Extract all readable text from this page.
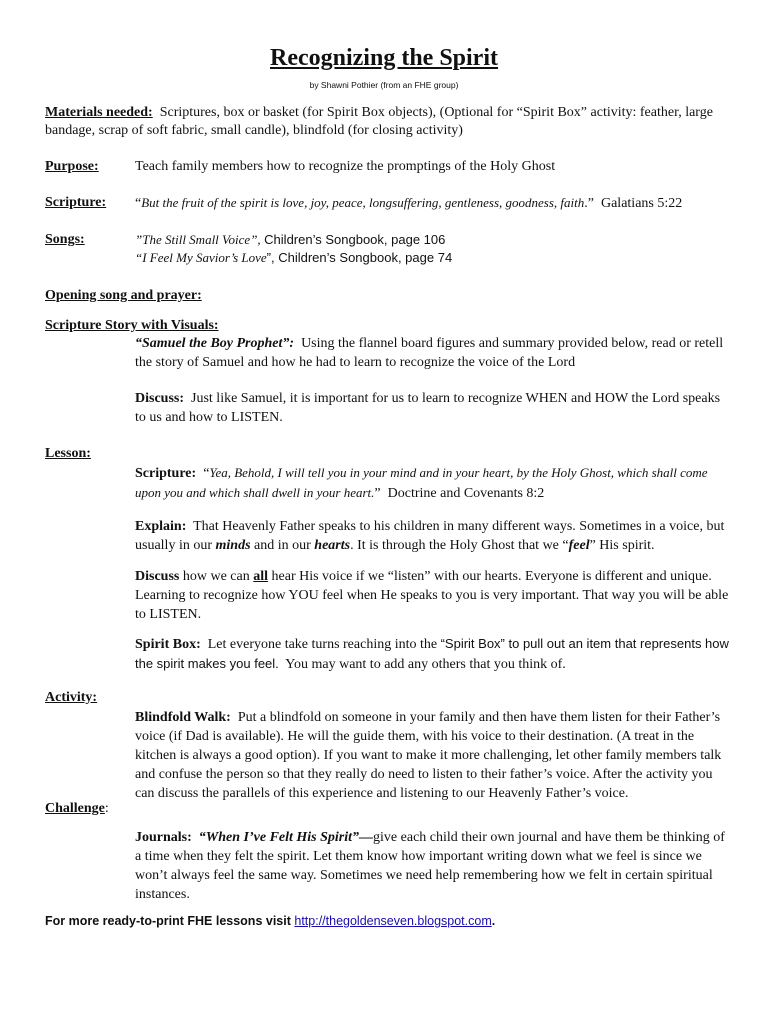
Recognizing the Spirit
by Shawni Pothier (from an FHE group)
Materials needed: Scriptures, box or basket (for Spirit Box objects), (Optional for “Spirit Box” activity: feather, large bandage, scrap of soft fabric, small candle), blindfold (for closing activity)
Purpose:	Teach family members how to recognize the promptings of the Holy Ghost
Scripture: “But the fruit of the spirit is love, joy, peace, longsuffering, gentleness, goodness, faith.” Galatians 5:22
Songs:	”The Still Small Voice”, Children’s Songbook, page 106
“I Feel My Savior’s Love”, Children’s Songbook, page 74
Opening song and prayer:
Scripture Story with Visuals:
“Samuel the Boy Prophet”: Using the flannel board figures and summary provided below, read or retell the story of Samuel and how he had to learn to recognize the voice of the Lord
Discuss: Just like Samuel, it is important for us to learn to recognize WHEN and HOW the Lord speaks to us and how to LISTEN.
Lesson:
Scripture: “Yea, Behold, I will tell you in your mind and in your heart, by the Holy Ghost, which shall come upon you and which shall dwell in your heart.” Doctrine and Covenants 8:2
Explain: That Heavenly Father speaks to his children in many different ways. Sometimes in a voice, but usually in our minds and in our hearts. It is through the Holy Ghost that we “feel” His spirit.
Discuss how we can all hear His voice if we “listen” with our hearts. Everyone is different and unique. Learning to recognize how YOU feel when He speaks to you is very important. That way you will be able to LISTEN.
Spirit Box: Let everyone take turns reaching into the “Spirit Box” to pull out an item that represents how the spirit makes you feel. You may want to add any others that you think of.
Activity:
Blindfold Walk: Put a blindfold on someone in your family and then have them listen for their Father’s voice (if Dad is available). He will the guide them, with his voice to their destination. (A treat in the kitchen is always a good option). If you want to make it more challenging, let other family members talk and confuse the person so that they really do need to listen to their father’s voice. After the activity you can discuss the parallels of this experience and listening to our Heavenly Father’s voice.
Challenge:
Journals: “When I’ve Felt His Spirit”—give each child their own journal and have them be thinking of a time when they felt the spirit. Let them know how important writing down what we feel is since we won’t always feel the same way. Sometimes we need help remembering how we felt in certain spiritual instances.
For more ready-to-print FHE lessons visit http://thegoldenseven.blogspot.com.
